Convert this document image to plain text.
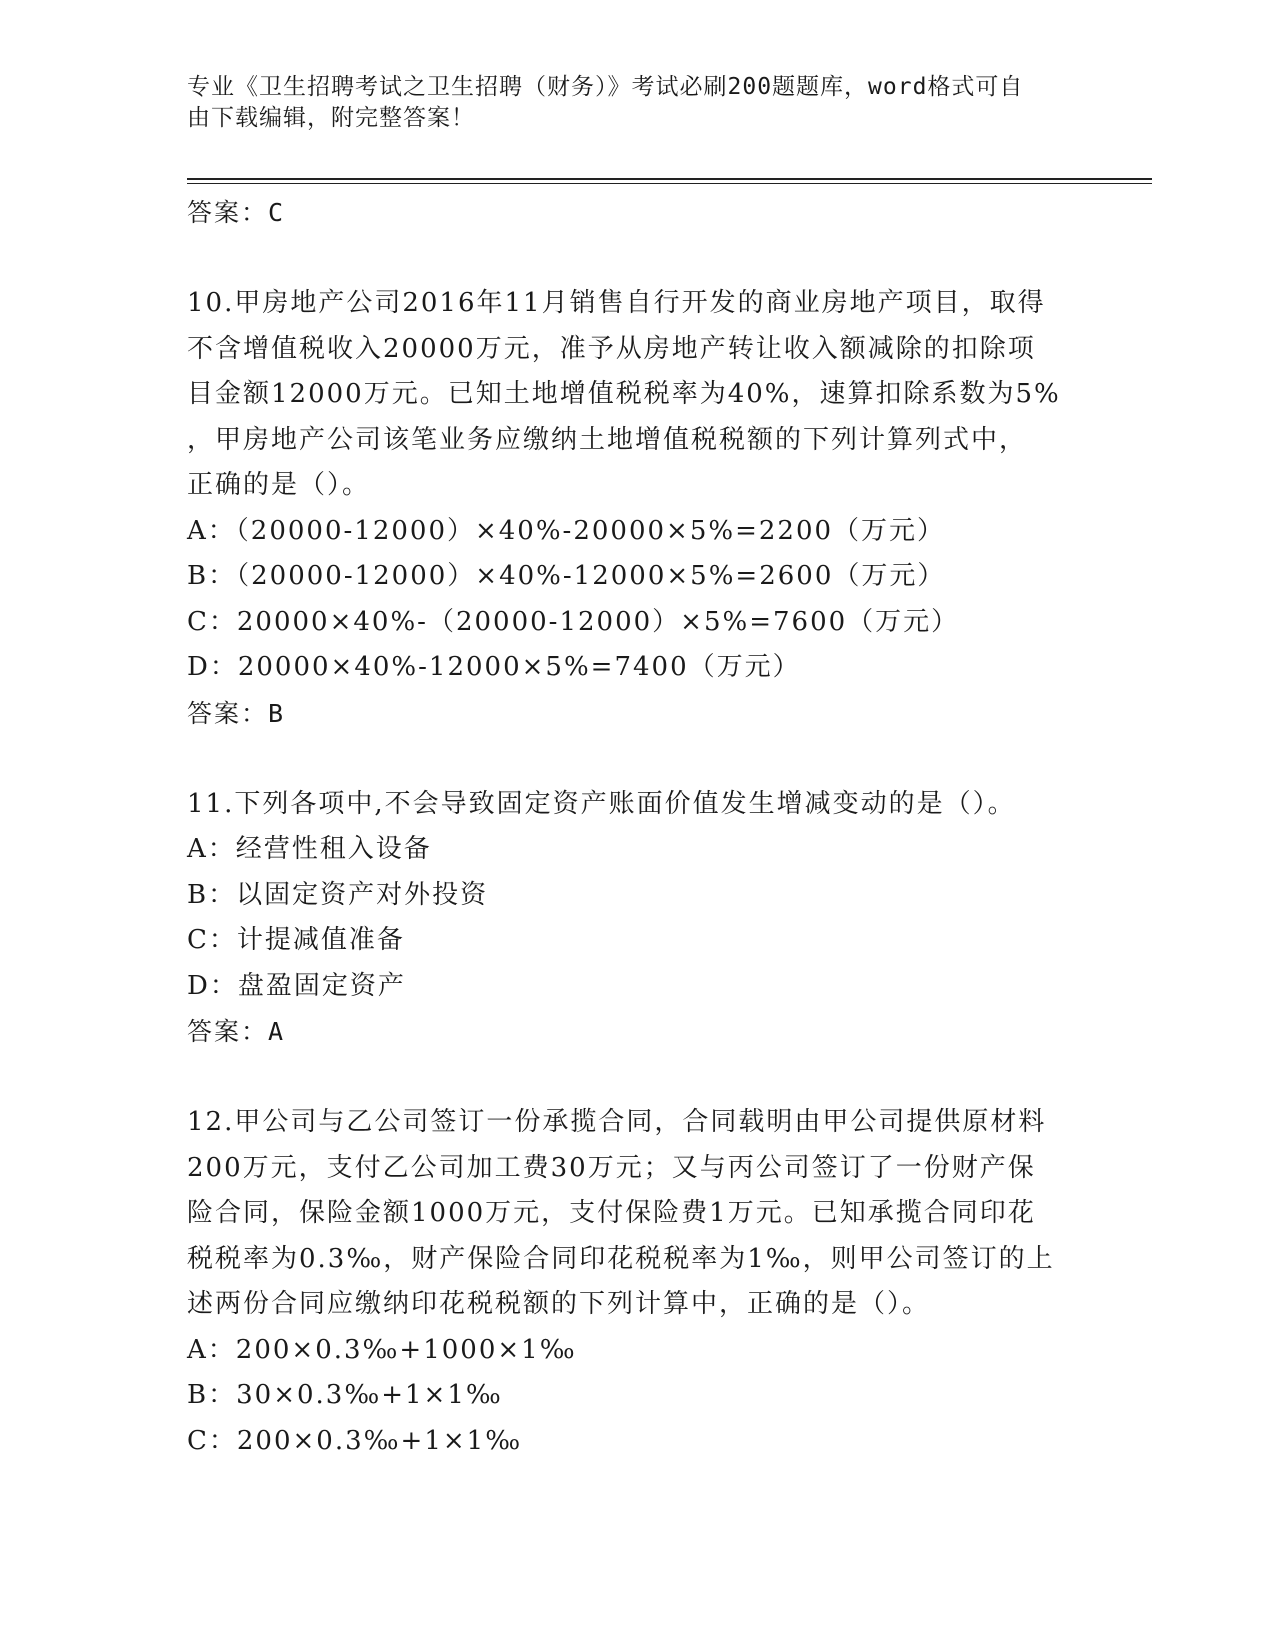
专业《卫生招聘考试之卫生招聘（财务）》考试必刷200题题库，word格式可自
由下载编辑，附完整答案！
答案：C

10.甲房地产公司2016年11月销售自行开发的商业房地产项目，取得

不含增值税收入20000万元，准予从房地产转让收入额减除的扣除项

目金额12000万元。已知土地增值税税率为40%，速算扣除系数为5%

，甲房地产公司该笔业务应缴纳土地增值税税额的下列计算列式中，

正确的是（）。

A：（20000-12000）×40%-20000×5%=2200（万元）
B：（20000-12000）×40%-12000×5%=2600（万元）
C：20000×40%-（20000-12000）×5%=7600（万元）
D：20000×40%-12000×5%=7400（万元）
答案：B

11.下列各项中,不会导致固定资产账面价值发生增减变动的是（）。

A：经营性租入设备
B：以固定资产对外投资
C：计提减值准备
D：盘盈固定资产
答案：A

12.甲公司与乙公司签订一份承揽合同，合同载明由甲公司提供原材料

200万元，支付乙公司加工费30万元；又与丙公司签订了一份财产保

险合同，保险金额1000万元，支付保险费1万元。已知承揽合同印花

税税率为0.3‰，财产保险合同印花税税率为1‰，则甲公司签订的上

述两份合同应缴纳印花税税额的下列计算中，正确的是（）。

A：200×0.3‰+1000×1‰
B：30×0.3‰+1×1‰
C：200×0.3‰+1×1‰
